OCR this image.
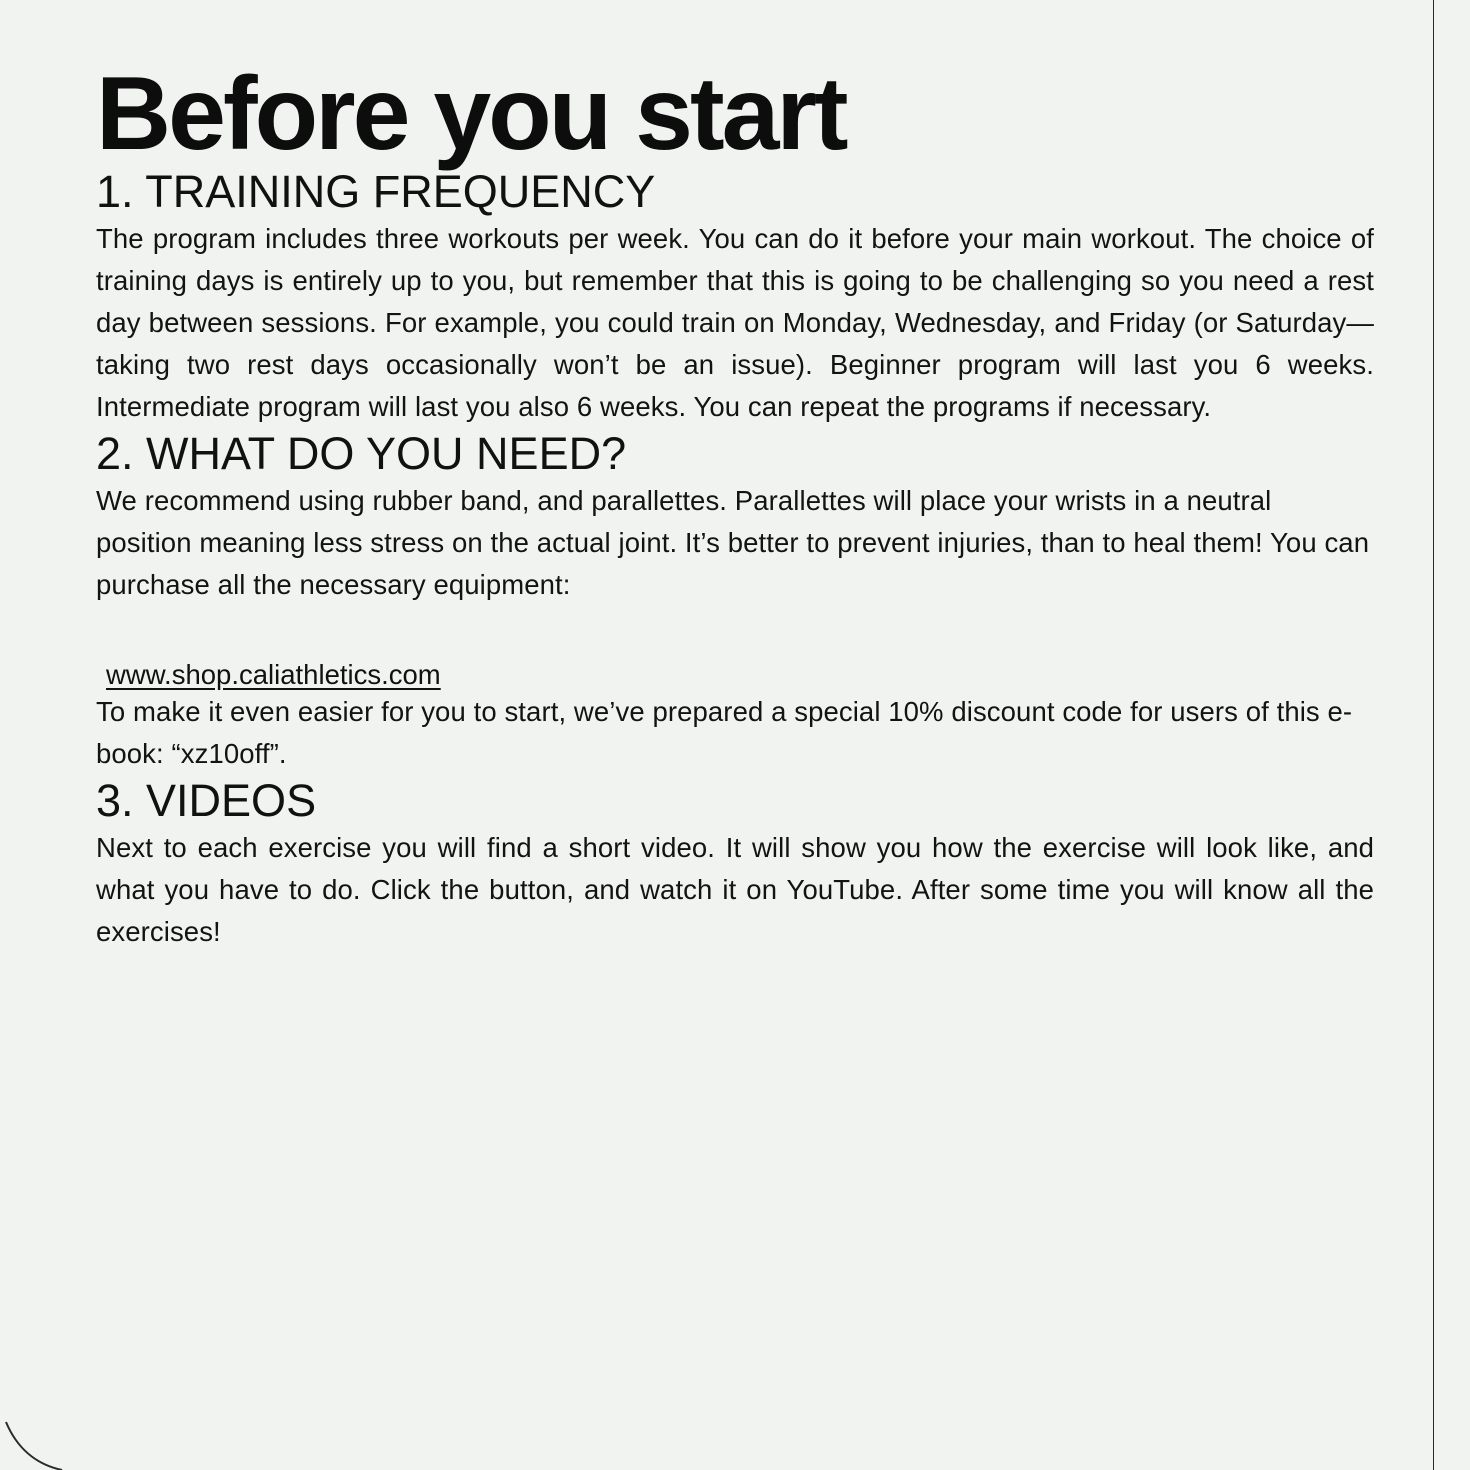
Before you start
1. TRAINING FREQUENCY

The program includes three workouts per week. You can do it before your main workout. The choice of training days is entirely up to you, but remember that this is going to be challenging so you need a rest day between sessions. For example, you could train on Monday, Wednesday, and Friday (or Saturday—taking two rest days occasionally won’t be an issue). Beginner program will last you 6 weeks. Intermediate program will last you also 6 weeks. You can repeat the programs if necessary.

2. WHAT DO YOU NEED?

We recommend using rubber band, and parallettes. Parallettes will place your wrists in a neutral position meaning less stress on the actual joint. It’s better to prevent injuries, than to heal them! You can purchase all the necessary equipment:

www.shop.caliathletics.com

To make it even easier for you to start, we’ve prepared a special 10% discount code for users of this e-book: “xz10off”.

3. VIDEOS

Next to each exercise you will find a short video. It will show you how the exercise will look like, and what you have to do. Click the button, and watch it on YouTube. After some time you will know all the exercises!
